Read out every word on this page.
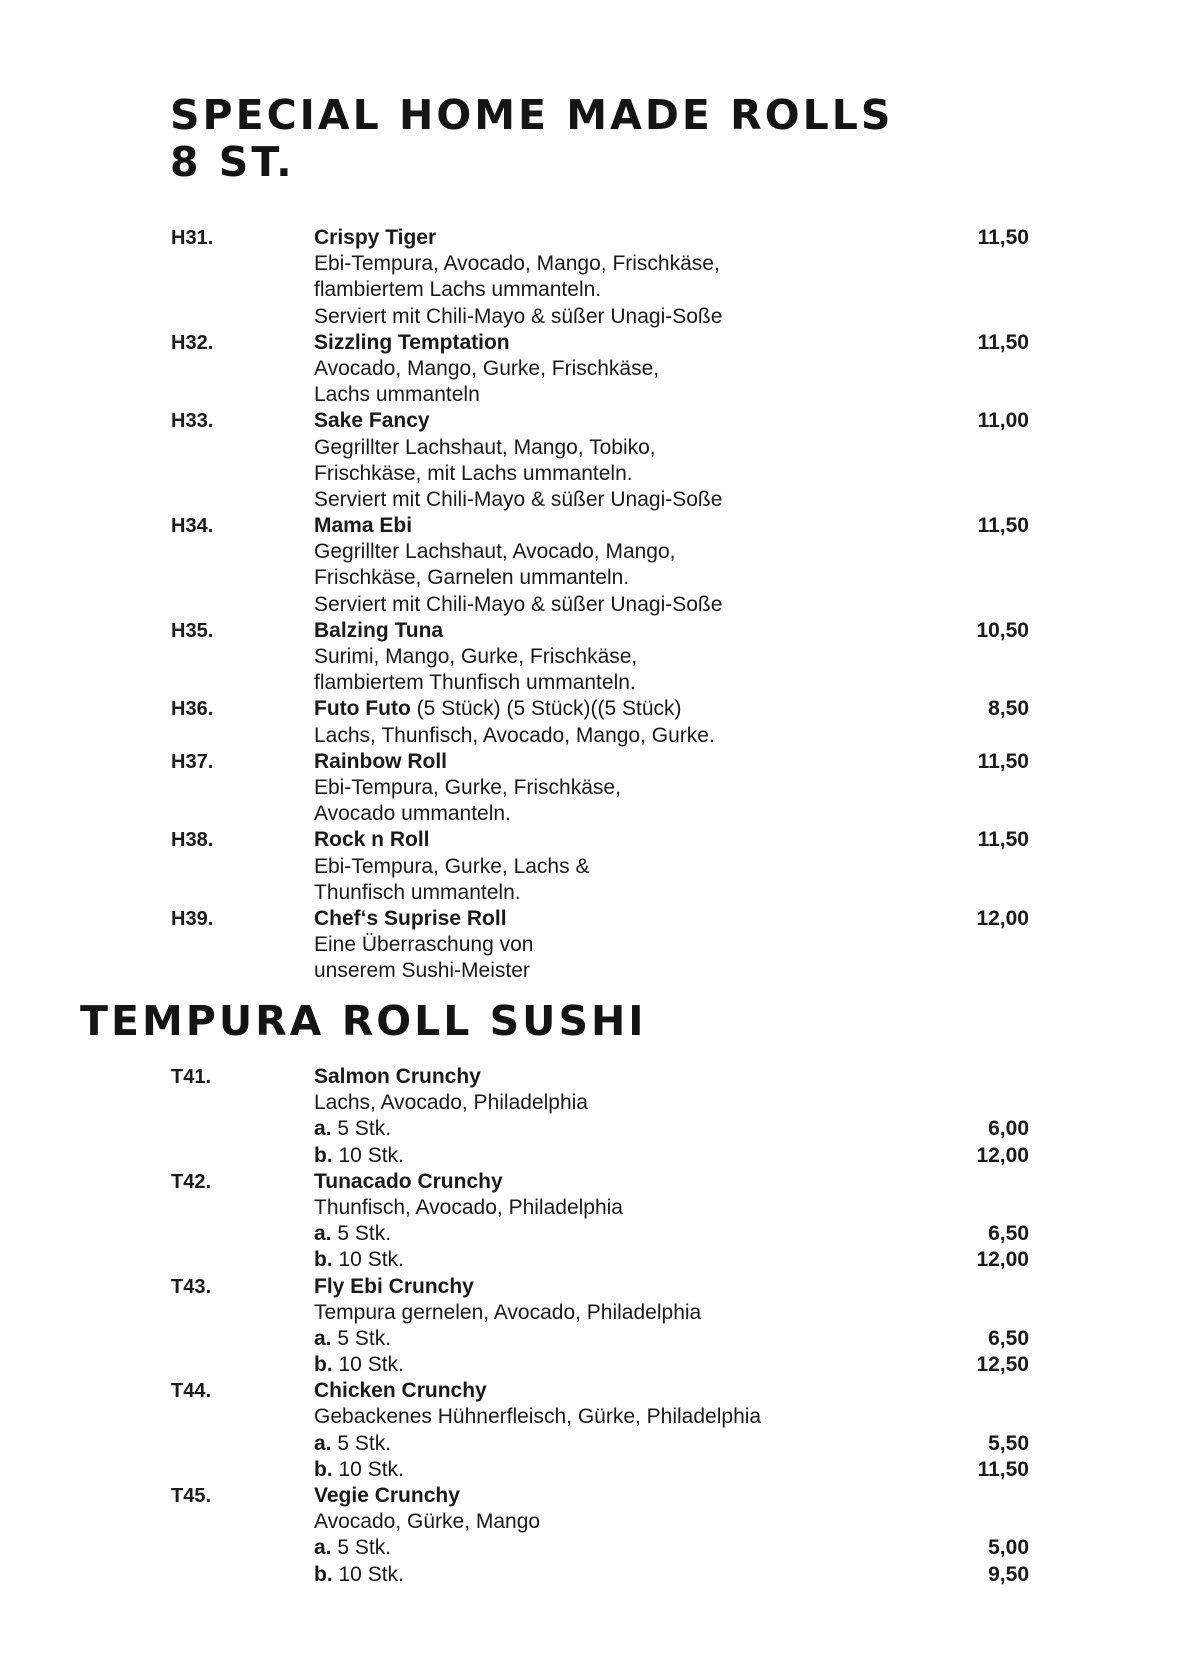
SPECIAL HOME MADE ROLLS
8 ST.
H31.	Crispy Tiger	11,50
Ebi-Tempura, Avocado, Mango, Frischkäse,
flambiertem Lachs ummanteln.
Serviert mit Chili-Mayo & süßer Unagi-Soße
H32.	Sizzling Temptation	11,50
Avocado, Mango, Gurke, Frischkäse,
Lachs ummanteln
H33.	Sake Fancy	11,00
Gegrillter Lachshaut, Mango, Tobiko,
Frischkäse, mit Lachs ummanteln.
Serviert mit Chili-Mayo & süßer Unagi-Soße
H34.	Mama Ebi	11,50
Gegrillter Lachshaut, Avocado, Mango,
Frischkäse, Garnelen ummanteln.
Serviert mit Chili-Mayo & süßer Unagi-Soße
H35.	Balzing Tuna	10,50
Surimi, Mango, Gurke, Frischkäse,
flambiertem Thunfisch ummanteln.
H36.	Futo Futo (5 Stück) (5 Stück)((5 Stück)	8,50
Lachs, Thunfisch, Avocado, Mango, Gurke.
H37.	Rainbow Roll	11,50
Ebi-Tempura, Gurke, Frischkäse,
Avocado ummanteln.
H38.	Rock n Roll	11,50
Ebi-Tempura, Gurke, Lachs &
Thunfisch ummanteln.
H39.	Chef‘s Suprise Roll	12,00
Eine Überraschung von
unserem Sushi-Meister
TEMPURA ROLL SUSHI
T41.	Salmon Crunchy
Lachs, Avocado, Philadelphia
a. 5 Stk.	6,00
b. 10 Stk.	12,00
T42.	Tunacado Crunchy
Thunfisch, Avocado, Philadelphia
a. 5 Stk.	6,50
b. 10 Stk.	12,00
T43.	Fly Ebi Crunchy
Tempura gernelen, Avocado, Philadelphia
a. 5 Stk.	6,50
b. 10 Stk.	12,50
T44.	Chicken Crunchy
Gebackenes Hühnerfleisch, Gürke, Philadelphia
a. 5 Stk.	5,50
b. 10 Stk.	11,50
T45.	Vegie Crunchy
Avocado, Gürke, Mango
a. 5 Stk.	5,00
b. 10 Stk.	9,50
